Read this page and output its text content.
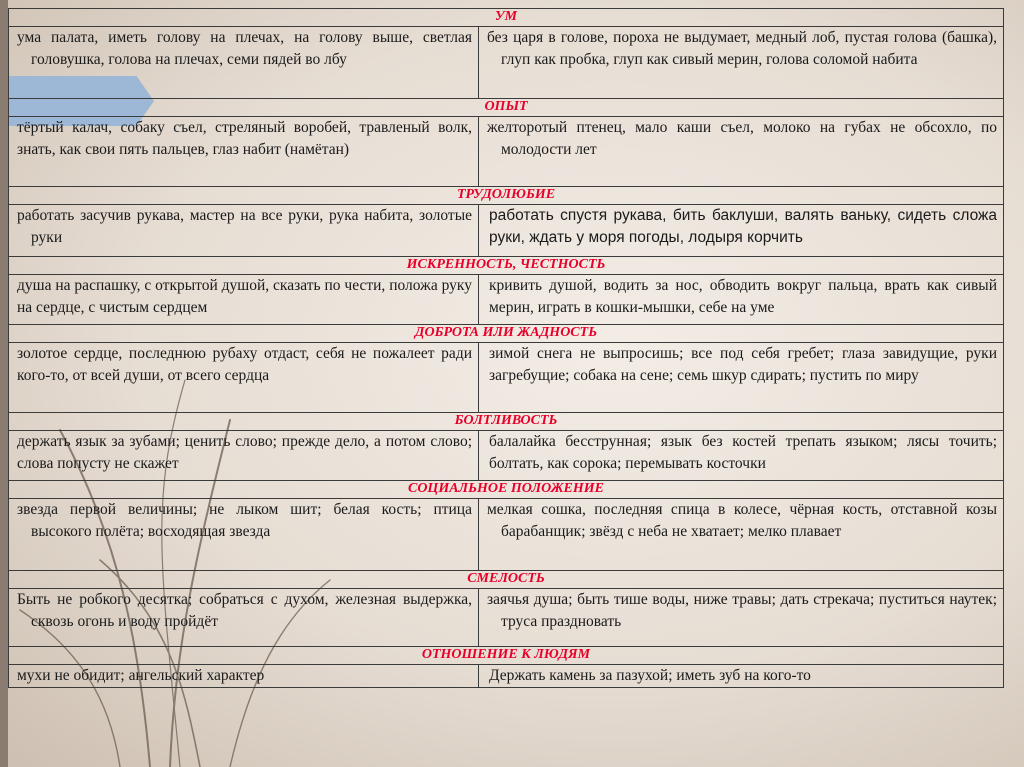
УМ	
ума палата, иметь голову на плечах, на голову выше, светлая головушка, голова на плечах, семи пядей во лбу	без царя в голове, пороха не выдумает, медный лоб, пустая голова (башка), глуп как пробка, глуп как сивый мерин, голова соломой набита
ОПЫТ	
тёртый калач, собаку съел, стреляный воробей, травленый волк, знать, как свои пять пальцев, глаз набит (намётан)	желторотый птенец, мало каши съел, молоко на губах не обсохло, по молодости лет
ТРУДОЛЮБИЕ	
работать засучив рукава, мастер на все руки, рука набита, золотые руки	работать спустя рукава, бить баклуши, валять ваньку, сидеть сложа руки, ждать у моря погоды, лодыря корчить
ИСКРЕННОСТЬ, ЧЕСТНОСТЬ	
душа на распашку, с открытой душой, сказать по чести, положа руку на сердце, с чистым сердцем	кривить душой, водить за нос, обводить вокруг пальца, врать как сивый мерин, играть в кошки-мышки, себе на уме
ДОБРОТА ИЛИ ЖАДНОСТЬ	
золотое сердце, последнюю рубаху отдаст, себя не пожалеет ради кого-то, от всей души, от всего сердца	зимой снега не выпросишь; все под себя гребет; глаза завидущие, руки загребущие; собака на сене; семь шкур сдирать; пустить по миру
БОЛТЛИВОСТЬ	
держать язык за зубами; ценить слово; прежде дело, а потом слово; слова попусту не скажет	балалайка бесструнная; язык без костей трепать языком; лясы точить; болтать, как сорока; перемывать косточки
СОЦИАЛЬНОЕ ПОЛОЖЕНИЕ	
звезда первой величины; не лыком шит; белая кость; птица высокого полёта; восходящая звезда	мелкая сошка, последняя спица в колесе, чёрная кость, отставной козы барабанщик; звёзд с неба не хватает; мелко плавает
СМЕЛОСТЬ	
Быть не робкого десятка; собраться с духом, железная выдержка, сквозь огонь и воду пройдёт	заячья душа; быть тише воды, ниже травы; дать стрекача; пуститься наутек; труса праздновать
ОТНОШЕНИЕ К ЛЮДЯМ	
мухи не обидит; ангельский характер	Держать камень за пазухой; иметь зуб на кого-то
